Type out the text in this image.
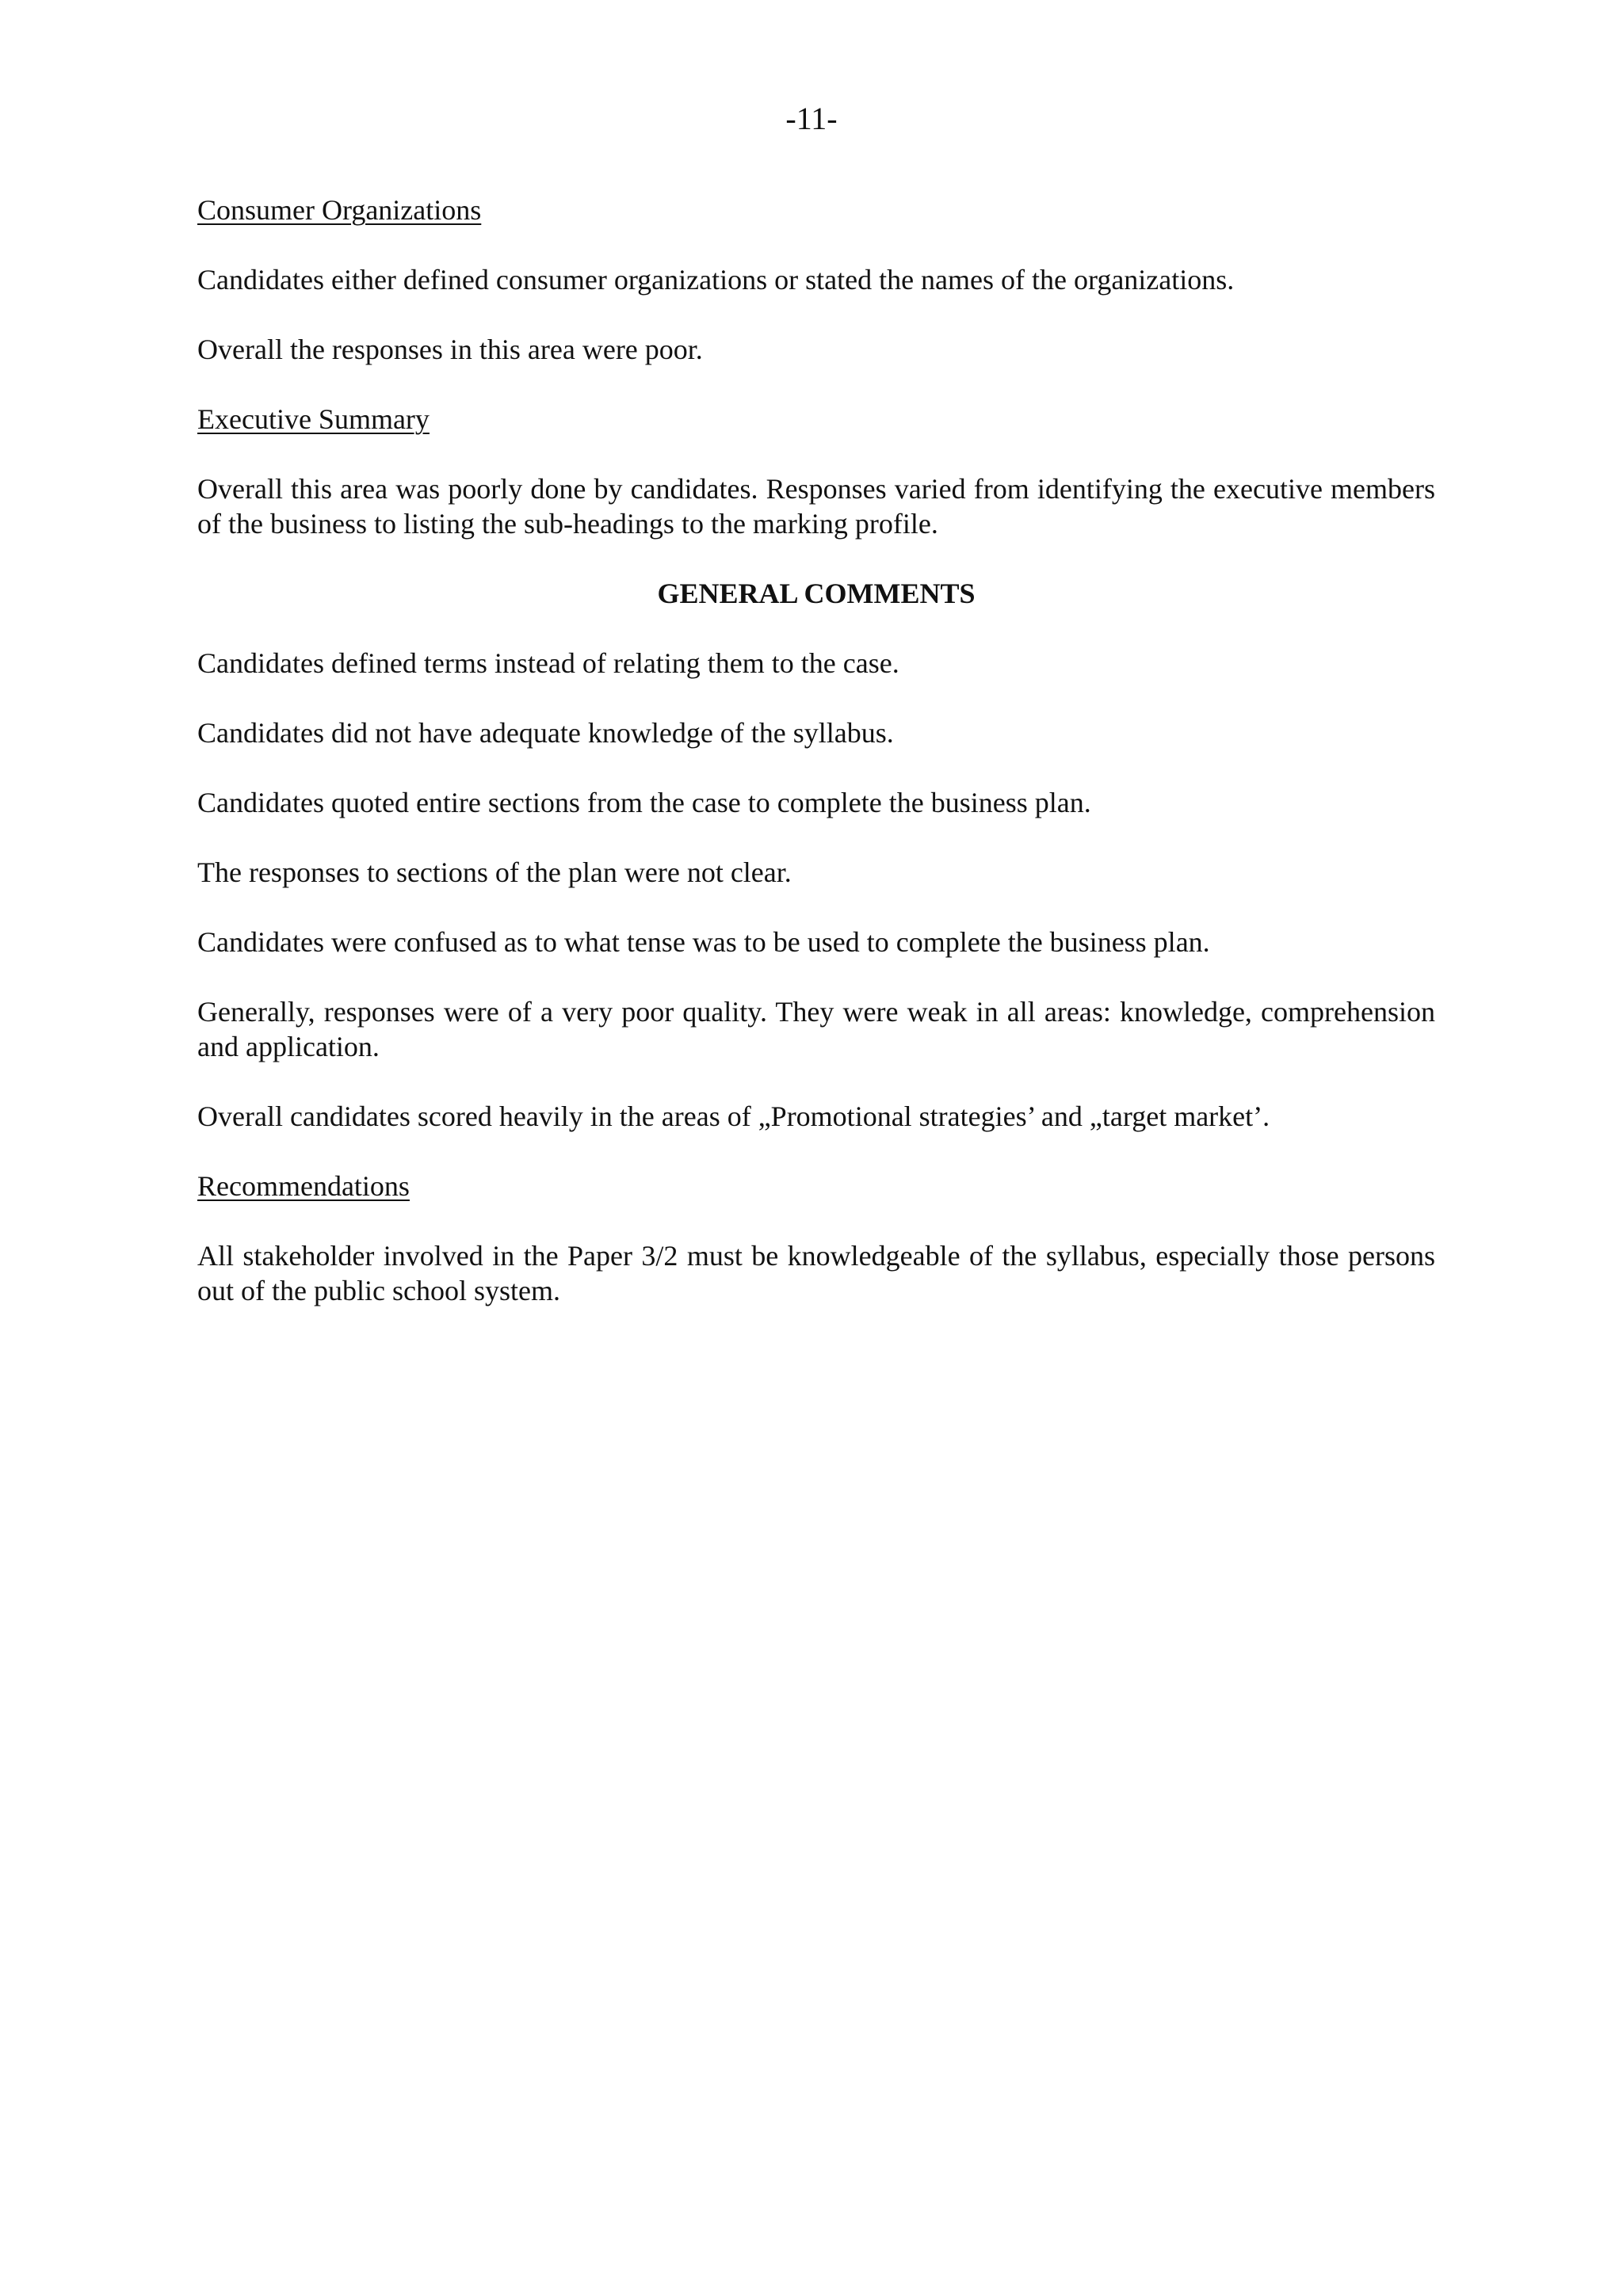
-11-

Consumer Organizations

Candidates either defined consumer organizations or stated the names of the organizations.

Overall the responses in this area were poor.

Executive Summary

Overall this area was poorly done by candidates. Responses varied from identifying the executive members of the business to listing the sub-headings to the marking profile.

GENERAL COMMENTS

Candidates defined terms instead of relating them to the case.

Candidates did not have adequate knowledge of the syllabus.

Candidates quoted entire sections from the case to complete the business plan.

The responses to sections of the plan were not clear.

Candidates were confused as to what tense was to be used to complete the business plan.

Generally, responses were of a very poor quality. They were weak in all areas: knowledge, comprehension and application.

Overall candidates scored heavily in the areas of „Promotional strategies’ and „target market’.

Recommendations

All stakeholder involved in the Paper 3/2 must be knowledgeable of the syllabus, especially those persons out of the public school system.
